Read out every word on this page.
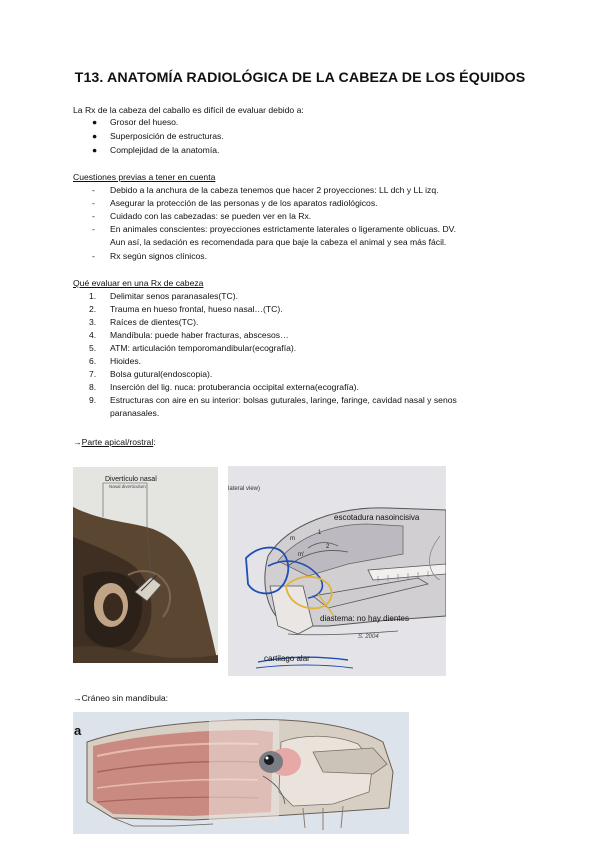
T13. ANATOMÍA RADIOLÓGICA DE LA CABEZA DE LOS ÉQUIDOS
La Rx de la cabeza del caballo es difícil de evaluar debido a:
● Grosor del hueso.
● Superposición de estructuras.
● Complejidad de la anatomía.
Cuestiones previas a tener en cuenta
- Debido a la anchura de la cabeza tenemos que hacer 2 proyecciones: LL dch y LL izq.
- Asegurar la protección de las personas y de los aparatos radiológicos.
- Cuidado con las cabezadas: se pueden ver en la Rx.
- En animales conscientes: proyecciones estrictamente laterales o ligeramente oblicuas. DV.
Aun así, la sedación es recomendada para que baje la cabeza el animal y sea más fácil.
- Rx según signos clínicos.
Qué evaluar en una Rx de cabeza
1. Delimitar senos paranasales(TC).
2. Trauma en hueso frontal, hueso nasal…(TC).
3. Raíces de dientes(TC).
4. Mandíbula: puede haber fracturas, abscesos…
5. ATM: articulación temporomandibular(ecografía).
6. Hioides.
7. Bolsa gutural(endoscopia).
8. Inserción del lig. nuca: protuberancia occipital externa(ecografía).
9. Estructuras con aire en su interior: bolsas guturales, laringe, faringe, cavidad nasal y senos
paranasales.
→Parte apical/rostral:
Divertículo nasal
Nasal diverticulum
m
1
2
m'
lateral view)
escotadura nasoincisiva
diastema: no hay dientes
S. 2004
cartilago alar
→Cráneo sin mandíbula:
a
